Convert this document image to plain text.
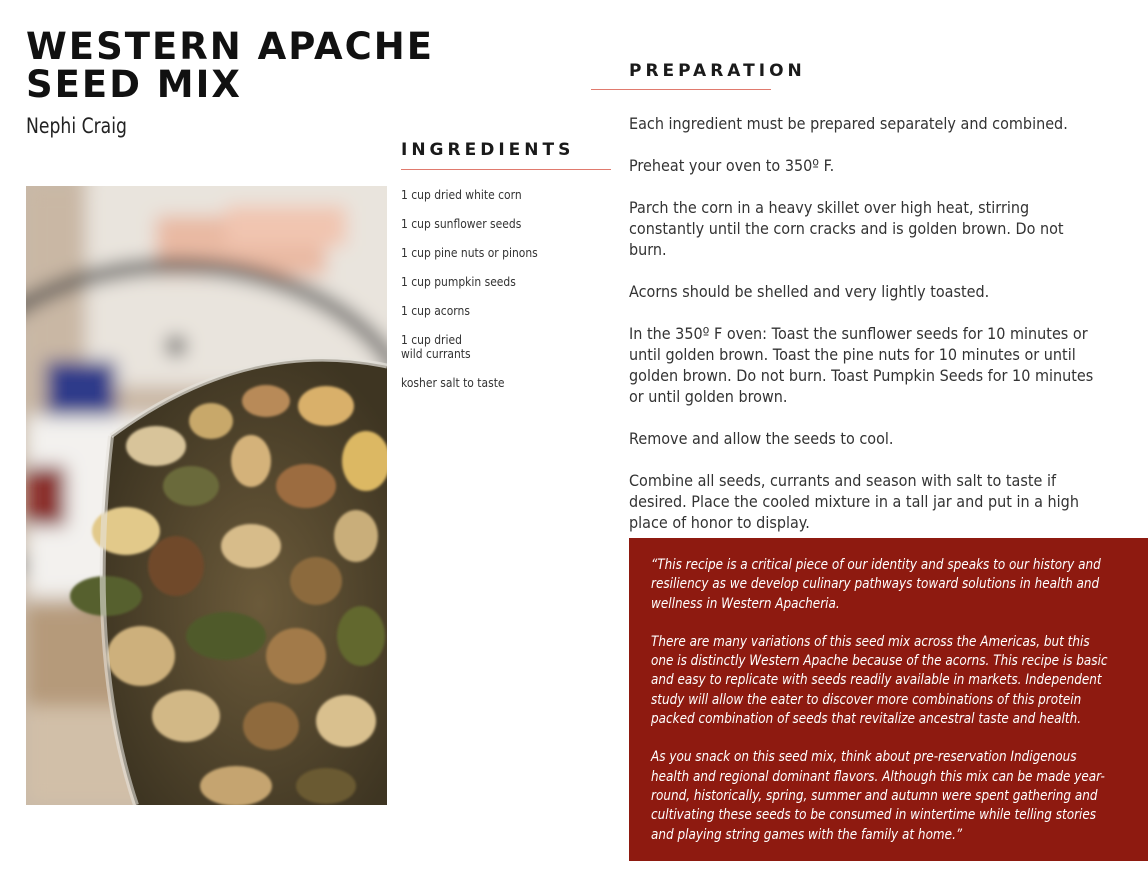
WESTERN APACHE
SEED MIX
Nephi Craig
PREPARATION
INGREDIENTS
1 cup dried white corn
1 cup sunflower seeds
1 cup pine nuts or pinons
1 cup pumpkin seeds
1 cup acorns
1 cup dried wild currants
kosher salt to taste

Each ingredient must be prepared separately and combined.

Preheat your oven to 350º F.

Parch the corn in a heavy skillet over high heat, stirring constantly until the corn cracks and is golden brown. Do not burn.

Acorns should be shelled and very lightly toasted.

In the 350º F oven: Toast the sunflower seeds for 10 minutes or until golden brown. Toast the pine nuts for 10 minutes or until golden brown. Do not burn. Toast Pumpkin Seeds for 10 minutes or until golden brown.

Remove and allow the seeds to cool.

Combine all seeds, currants and season with salt to taste if desired. Place the cooled mixture in a tall jar and put in a high place of honor to display.

“This recipe is a critical piece of our identity and speaks to our history and resiliency as we develop culinary pathways toward solutions in health and wellness in Western Apacheria.

There are many variations of this seed mix across the Americas, but this one is distinctly Western Apache because of the acorns. This recipe is basic and easy to replicate with seeds readily available in markets. Independent study will allow the eater to discover more combinations of this protein packed combination of seeds that revitalize ancestral taste and health.

As you snack on this seed mix, think about pre-reservation Indigenous health and regional dominant flavors. Although this mix can be made year-round, historically, spring, summer and autumn were spent gathering and cultivating these seeds to be consumed in wintertime while telling stories and playing string games with the family at home.”
